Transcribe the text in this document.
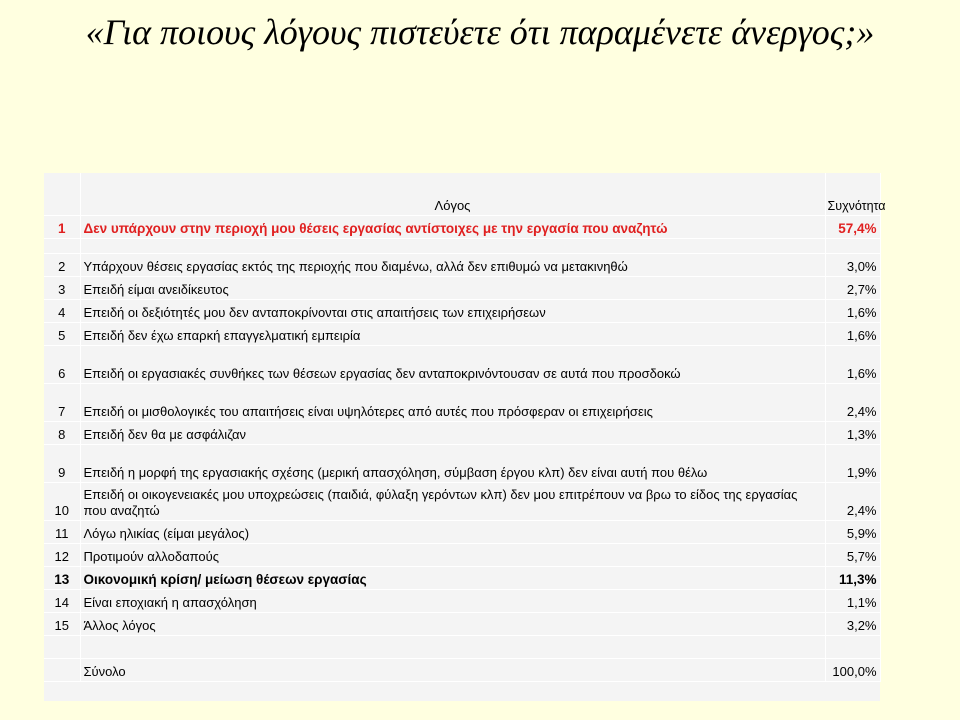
«Για ποιους λόγους πιστεύετε ότι παραμένετε άνεργος;»
	Λόγος	Συχνότητα
1	Δεν υπάρχουν στην περιοχή μου θέσεις εργασίας αντίστοιχες με την εργασία που αναζητώ	57,4%

2	Υπάρχουν θέσεις εργασίας εκτός της περιοχής που διαμένω, αλλά δεν επιθυμώ να μετακινηθώ	3,0%
3	Επειδή είμαι ανειδίκευτος	2,7%
4	Επειδή οι δεξιότητές μου δεν ανταποκρίνονται στις απαιτήσεις των επιχειρήσεων	1,6%
5	Επειδή δεν έχω επαρκή επαγγελματική εμπειρία	1,6%
6	Επειδή οι εργασιακές συνθήκες των θέσεων εργασίας δεν ανταποκρινόντουσαν σε αυτά που προσδοκώ	1,6%
7	Επειδή οι μισθολογικές του απαιτήσεις είναι υψηλότερες από αυτές που πρόσφεραν οι επιχειρήσεις	2,4%
8	Επειδή δεν θα με ασφάλιζαν	1,3%
9	Επειδή η μορφή της εργασιακής σχέσης (μερική απασχόληση, σύμβαση έργου κλπ) δεν είναι αυτή που θέλω	1,9%
10	Επειδή οι οικογενειακές μου υποχρεώσεις (παιδιά, φύλαξη γερόντων κλπ) δεν μου επιτρέπουν να βρω το είδος της εργασίας που αναζητώ	2,4%
11	Λόγω ηλικίας (είμαι μεγάλος)	5,9%
12	Προτιμούν αλλοδαπούς	5,7%
13	Οικονομική κρίση/ μείωση θέσεων εργασίας	11,3%
14	Είναι εποχιακή η απασχόληση	1,1%
15	Άλλος λόγος	3,2%

	Σύνολο	100,0%
